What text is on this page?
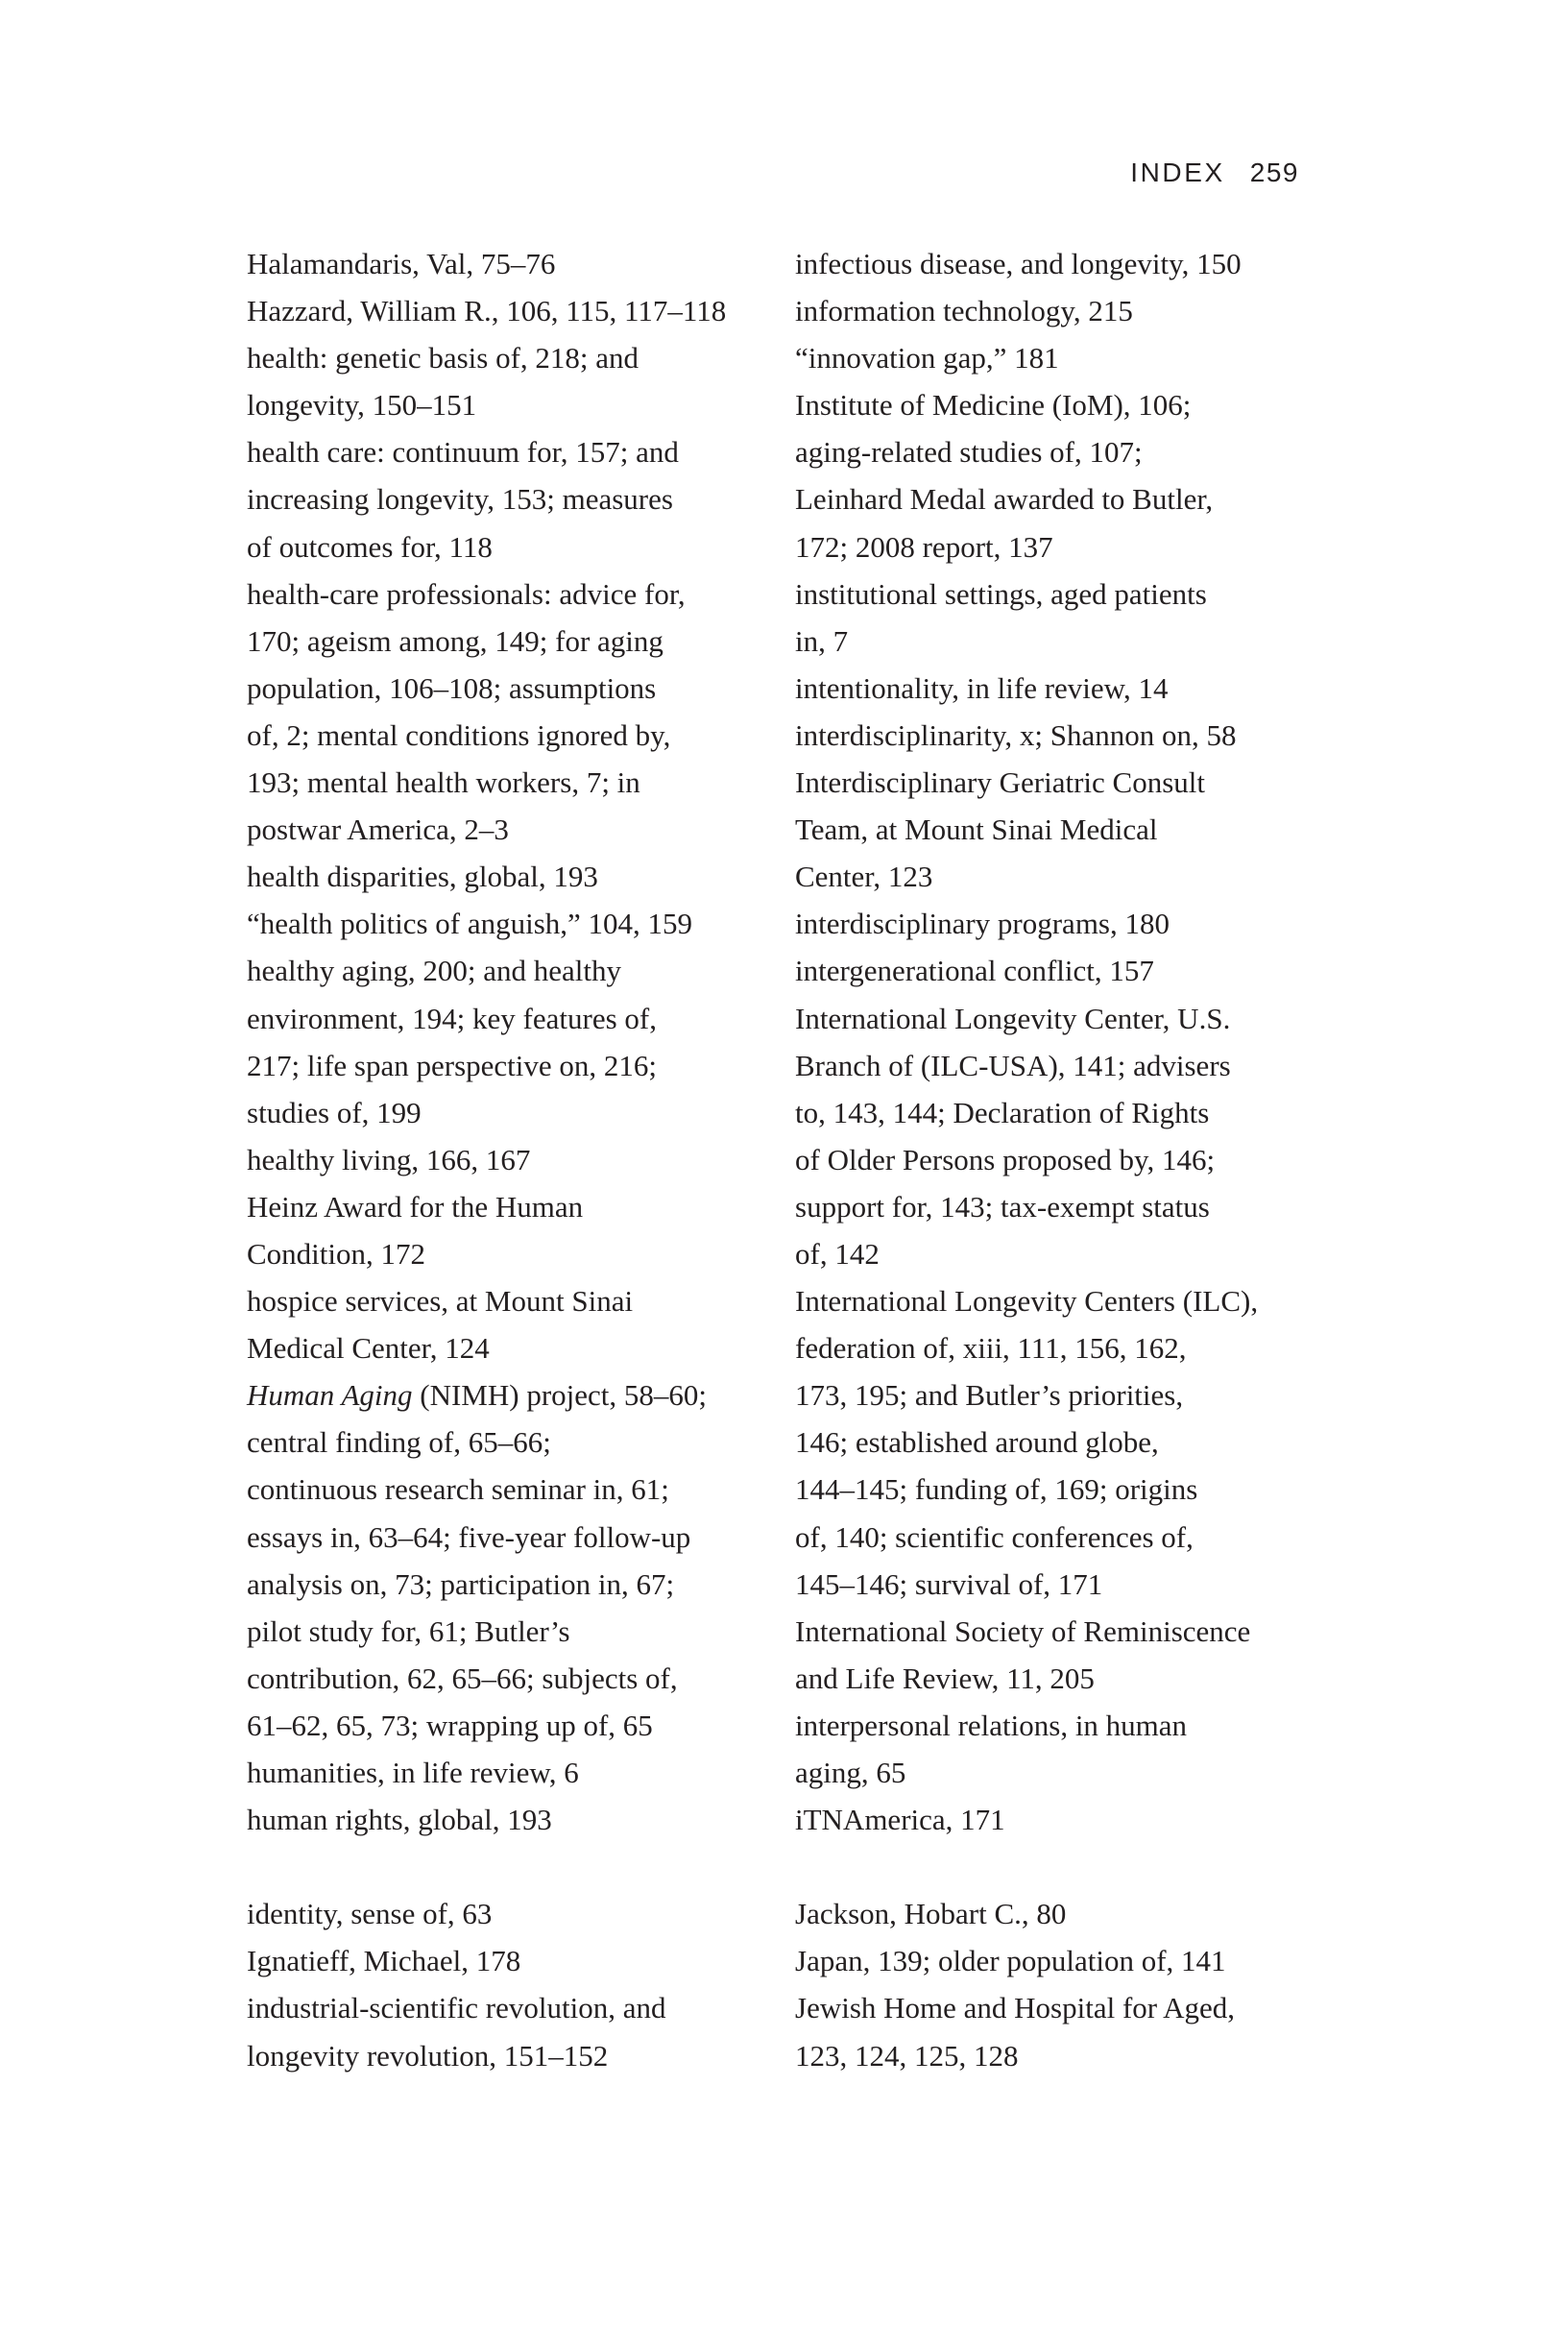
INDEX 259

Halamandaris, Val, 75–76

Hazzard, William R., 106, 115, 117–118

health: genetic basis of, 218; and
longevity, 150–151

health care: continuum for, 157; and
increasing longevity, 153; measures
of outcomes for, 118

health-care professionals: advice for,
170; ageism among, 149; for aging
population, 106–108; assumptions
of, 2; mental conditions ignored by,
193; mental health workers, 7; in
postwar America, 2–3

health disparities, global, 193

“health politics of anguish,” 104, 159

healthy aging, 200; and healthy
environment, 194; key features of,
217; life span perspective on, 216;
studies of, 199

healthy living, 166, 167

Heinz Award for the Human
Condition, 172

hospice services, at Mount Sinai
Medical Center, 124

Human Aging (NIMH) project, 58–60;
central finding of, 65–66;
continuous research seminar in, 61;
essays in, 63–64; five-year follow-up
analysis on, 73; participation in, 67;
pilot study for, 61; Butler’s
contribution, 62, 65–66; subjects of,
61–62, 65, 73; wrapping up of, 65

humanities, in life review, 6

human rights, global, 193

identity, sense of, 63

Ignatieff, Michael, 178

industrial-scientific revolution, and
longevity revolution, 151–152

infectious disease, and longevity, 150

information technology, 215

“innovation gap,” 181

Institute of Medicine (IoM), 106;
aging-related studies of, 107;
Leinhard Medal awarded to Butler,
172; 2008 report, 137

institutional settings, aged patients
in, 7

intentionality, in life review, 14

interdisciplinarity, x; Shannon on, 58

Interdisciplinary Geriatric Consult
Team, at Mount Sinai Medical
Center, 123

interdisciplinary programs, 180

intergenerational conflict, 157

International Longevity Center, U.S.
Branch of (ILC-USA), 141; advisers
to, 143, 144; Declaration of Rights
of Older Persons proposed by, 146;
support for, 143; tax-exempt status
of, 142

International Longevity Centers (ILC),
federation of, xiii, 111, 156, 162,
173, 195; and Butler’s priorities,
146; established around globe,
144–145; funding of, 169; origins
of, 140; scientific conferences of,
145–146; survival of, 171

International Society of Reminiscence
and Life Review, 11, 205

interpersonal relations, in human
aging, 65

iTNAmerica, 171

Jackson, Hobart C., 80

Japan, 139; older population of, 141

Jewish Home and Hospital for Aged,
123, 124, 125, 128
